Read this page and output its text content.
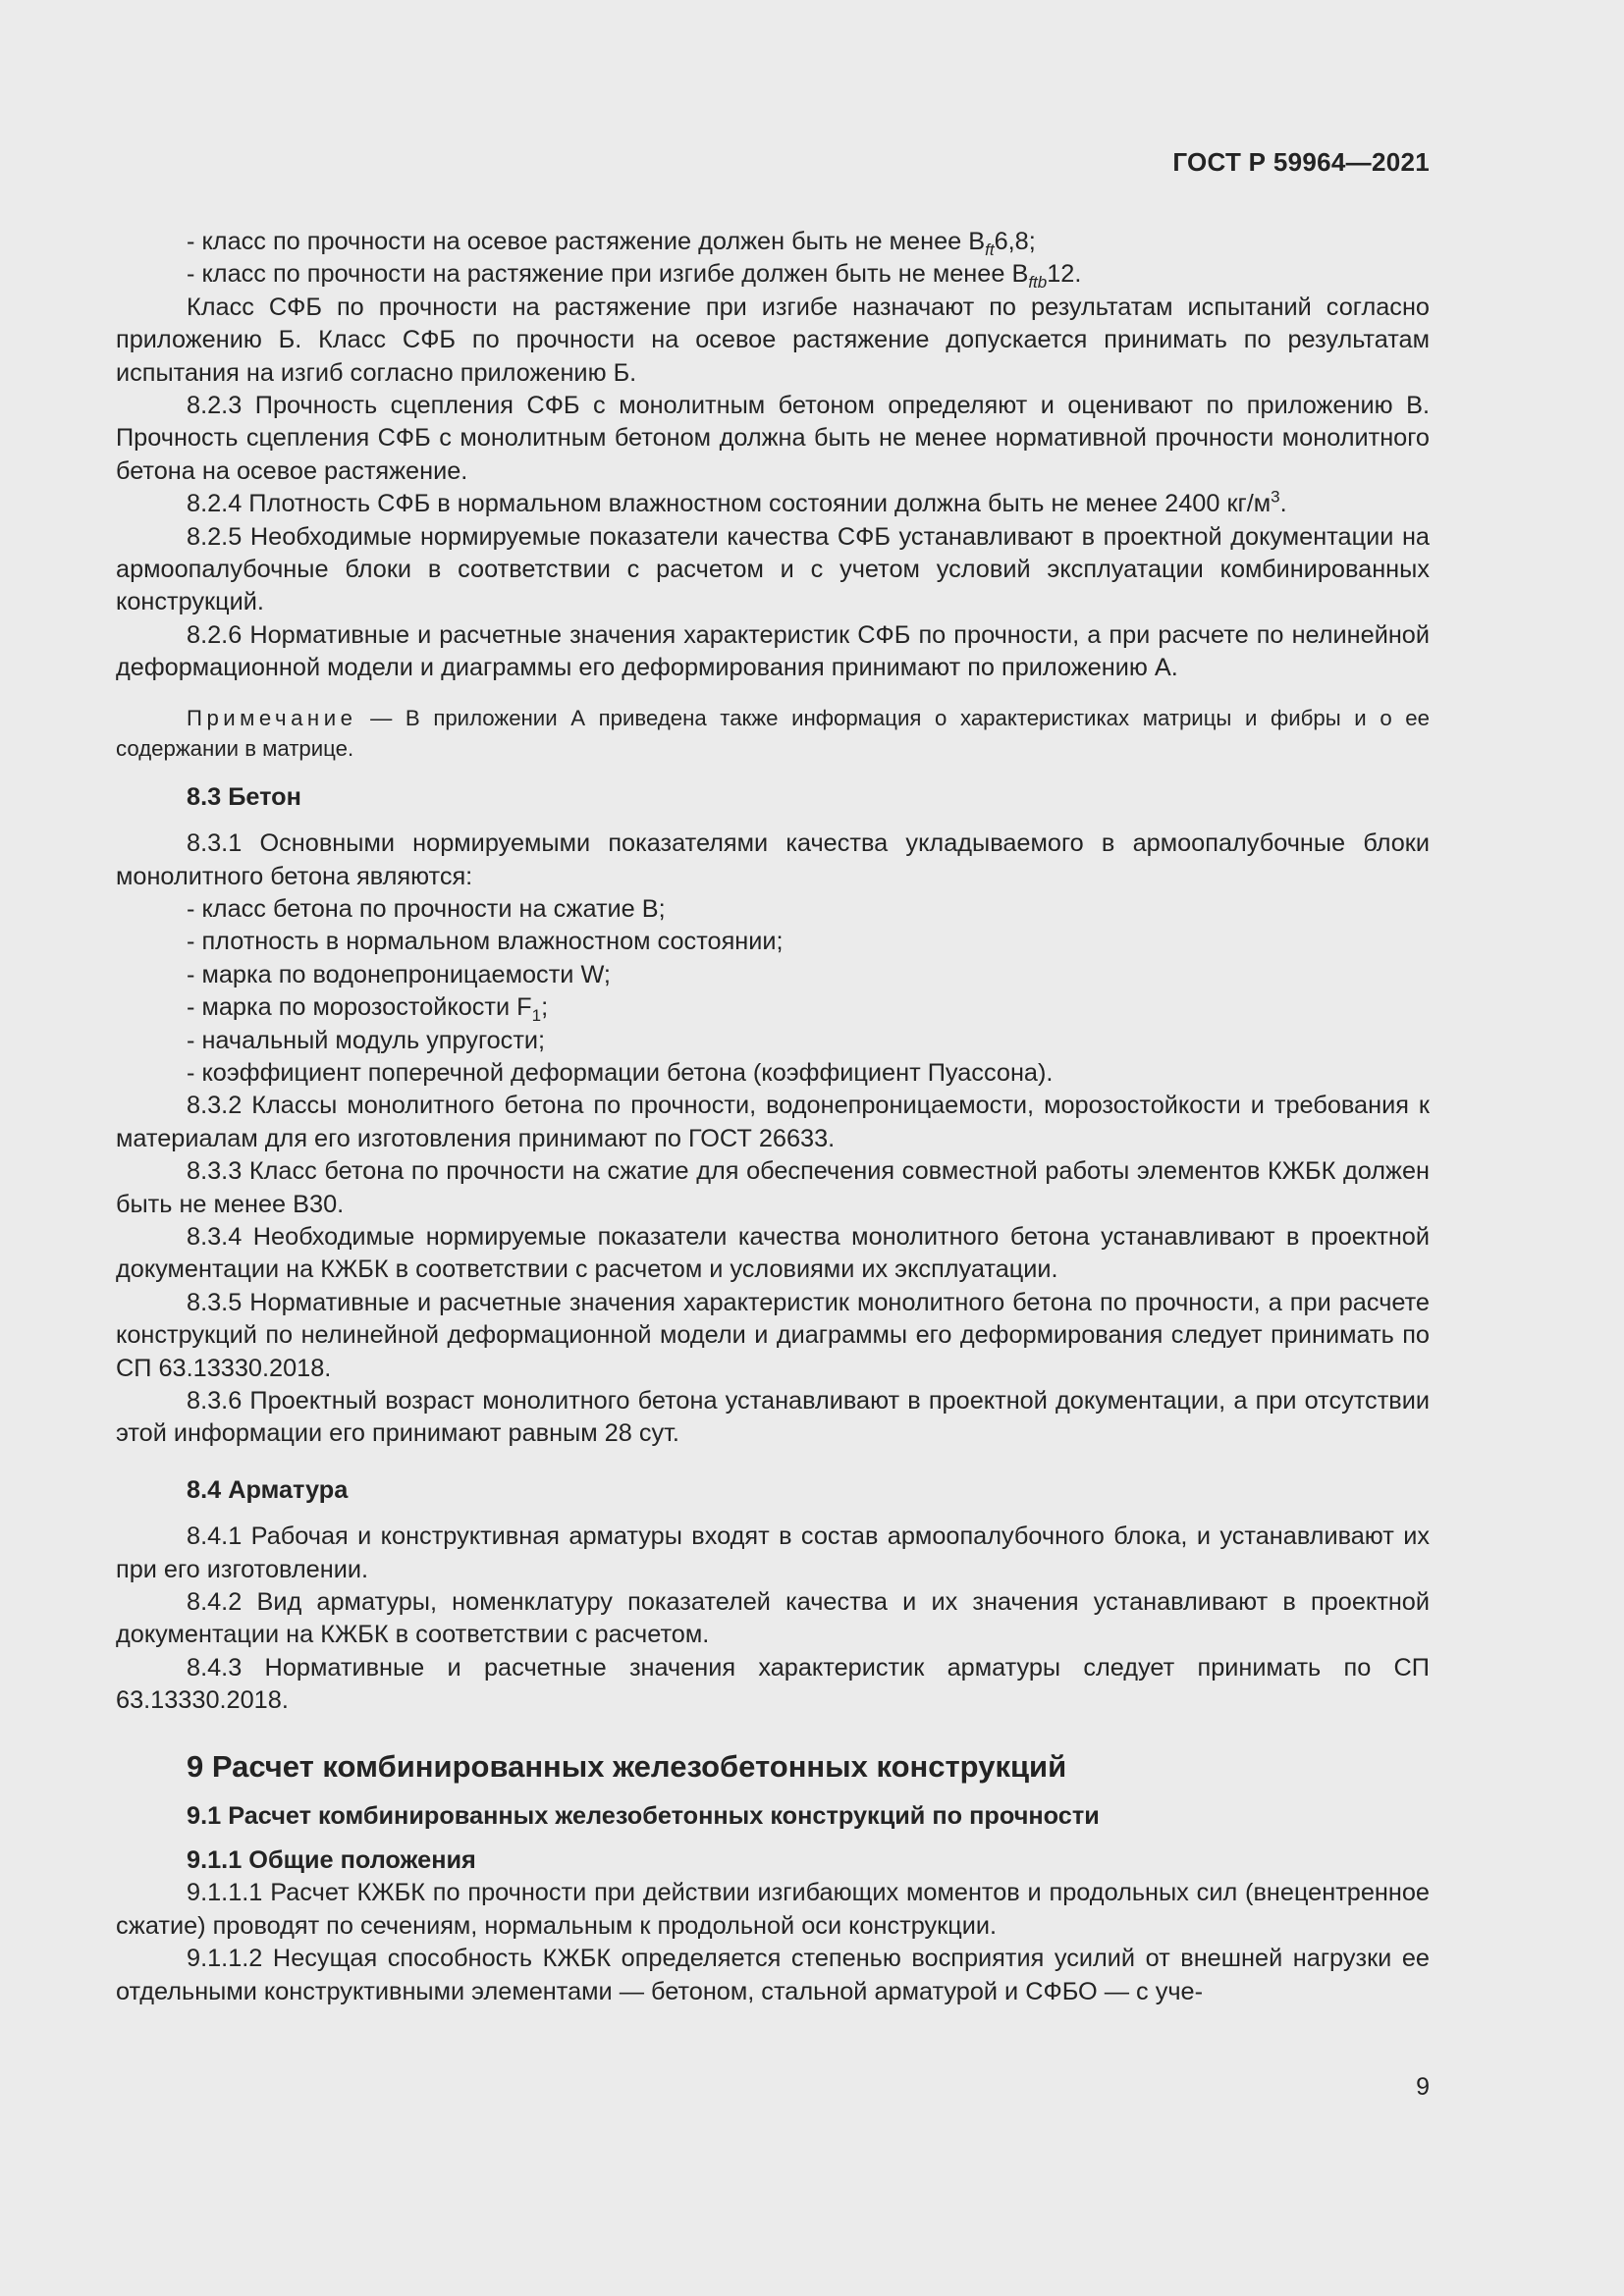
ГОСТ Р 59964—2021

- класс по прочности на осевое растяжение должен быть не менее $B_{ft}6,8$;

- класс по прочности на растяжение при изгибе должен быть не менее $B_{ftb}12$.

Класс СФБ по прочности на растяжение при изгибе назначают по результатам испытаний согласно приложению Б. Класс СФБ по прочности на осевое растяжение допускается принимать по результатам испытания на изгиб согласно приложению Б.

8.2.3 Прочность сцепления СФБ с монолитным бетоном определяют и оценивают по приложению В. Прочность сцепления СФБ с монолитным бетоном должна быть не менее нормативной прочности монолитного бетона на осевое растяжение.

8.2.4 Плотность СФБ в нормальном влажностном состоянии должна быть не менее 2400 $кг/м^3$.

8.2.5 Необходимые нормируемые показатели качества СФБ устанавливают в проектной документации на армоопалубочные блоки в соответствии с расчетом и с учетом условий эксплуатации комбинированных конструкций.

8.2.6 Нормативные и расчетные значения характеристик СФБ по прочности, а при расчете по нелинейной деформационной модели и диаграммы его деформирования принимают по приложению А.

Примечание — В приложении А приведена также информация о характеристиках матрицы и фибры и о ее содержании в матрице.

8.3 Бетон

8.3.1 Основными нормируемыми показателями качества укладываемого в армоопалубочные блоки монолитного бетона являются:

- класс бетона по прочности на сжатие B;

- плотность в нормальном влажностном состоянии;

- марка по водонепроницаемости W;

- марка по морозостойкости $F_1$;

- начальный модуль упругости;

- коэффициент поперечной деформации бетона (коэффициент Пуассона).

8.3.2 Классы монолитного бетона по прочности, водонепроницаемости, морозостойкости и требования к материалам для его изготовления принимают по ГОСТ 26633.

8.3.3 Класс бетона по прочности на сжатие для обеспечения совместной работы элементов КЖБК должен быть не менее B30.

8.3.4 Необходимые нормируемые показатели качества монолитного бетона устанавливают в проектной документации на КЖБК в соответствии с расчетом и условиями их эксплуатации.

8.3.5 Нормативные и расчетные значения характеристик монолитного бетона по прочности, а при расчете конструкций по нелинейной деформационной модели и диаграммы его деформирования следует принимать по СП 63.13330.2018.

8.3.6 Проектный возраст монолитного бетона устанавливают в проектной документации, а при отсутствии этой информации его принимают равным 28 сут.

8.4 Арматура

8.4.1 Рабочая и конструктивная арматуры входят в состав армоопалубочного блока, и устанавливают их при его изготовлении.

8.4.2 Вид арматуры, номенклатуру показателей качества и их значения устанавливают в проектной документации на КЖБК в соответствии с расчетом.

8.4.3 Нормативные и расчетные значения характеристик арматуры следует принимать по СП 63.13330.2018.

9 Расчет комбинированных железобетонных конструкций
9.1 Расчет комбинированных железобетонных конструкций по прочности
9.1.1 Общие положения

9.1.1.1 Расчет КЖБК по прочности при действии изгибающих моментов и продольных сил (внецентренное сжатие) проводят по сечениям, нормальным к продольной оси конструкции.

9.1.1.2 Несущая способность КЖБК определяется степенью восприятия усилий от внешней нагрузки ее отдельными конструктивными элементами — бетоном, стальной арматурой и СФБО — с уче-

9
